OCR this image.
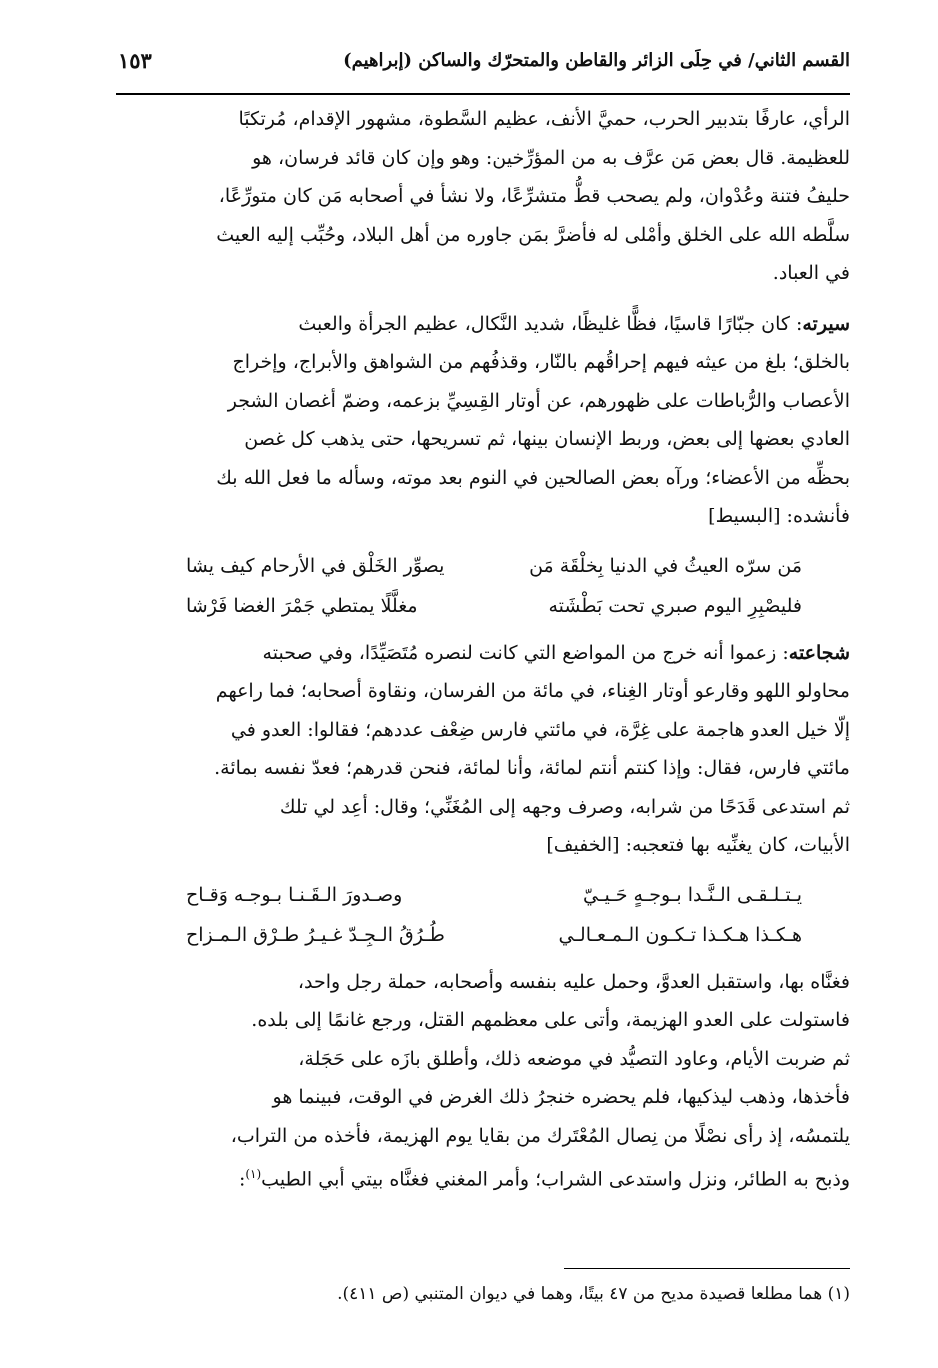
القسم الثاني/ في حِلَى الزائر والقاطن والمتحرّك والساكن (إبراهيم)
١٥٣
الرأي، عارفًا بتدبير الحرب، حميَّ الأنف، عظيم السَّطوة، مشهور الإقدام، مُرتكبًا
للعظيمة. قال بعض مَن عرَّف به من المؤرِّخين: وهو وإن كان قائد فرسان، هو
حليفُ فتنة وعُدْوان، ولم يصحب قطُّ متشرِّعًا، ولا نشأ في أصحابه مَن كان متورِّعًا،
سلَّطه الله على الخلق وأمْلى له فأضرَّ بمَن جاوره من أهل البلاد، وحُبِّب إليه العيث
في العباد.
سيرته: كان جبّارًا قاسيًا، فظًّا غليظًا، شديد النَّكال، عظيم الجرأة والعبث
بالخلق؛ بلغ من عيثه فيهم إحراقُهم بالنّار، وقذفُهم من الشواهق والأبراج، وإخراج
الأعصاب والرُّباطات على ظهورهم، عن أوتار القِسِيِّ بزعمه، وضمّ أغصان الشجر
العادي بعضها إلى بعض، وربط الإنسان بينها، ثم تسريحها، حتى يذهب كل غصن
بحظِّه من الأعضاء؛ ورآه بعض الصالحين في النوم بعد موته، وسأله ما فعل الله بك
فأنشده: [البسيط]
مَن سرّه العيثُ في الدنيا بِخلْقَة مَن
يصوِّر الخَلْق في الأرحام كيف يشا
فليصْبِرِ اليوم صبري تحت بَطْشَته
مغلَّلًا يمتطي جَمْرَ الغضا فَرْشا
شجاعته: زعموا أنه خرج من المواضع التي كانت لنصره مُتَصَيِّدًا، وفي صحبته
محاولو اللهو وقارعو أوتار الغِناء، في مائة من الفرسان، ونقاوة أصحابه؛ فما راعهم
إلّا خيل العدو هاجمة على غِرَّة، في مائتي فارس ضِعْف عددهم؛ فقالوا: العدو في
مائتي فارس، فقال: وإذا كنتم أنتم لمائة، وأنا لمائة، فنحن قدرهم؛ فعدّ نفسه بمائة.
ثم استدعى قَدَحًا من شرابه، وصرف وجهه إلى المُغَنِّي؛ وقال: أعِد لي تلك
الأبيات، كان يغنِّيه بها فتعجبه: [الخفيف]
يـتـلـقـى الـنَّـدا بـوجـهٍ حَـيـيّ
وصـدورَ الـقَـنـا بـوجـه وَقـاح
هـكـذا هـكـذا تـكـون الـمـعـالـي
طُـرُقُ الـجِـدّ غـيـرُ طـرْق الـمـزاح
فغنَّاه بها، واستقبل العدوَّ، وحمل عليه بنفسه وأصحابه، حملة رجل واحد،
فاستولت على العدو الهزيمة، وأتى على معظمهم القتل، ورجع غانمًا إلى بلده.
ثم ضربت الأيام، وعاود التصيُّد في موضعه ذلك، وأطلق بازَه على حَجَلة،
فأخذها، وذهب ليذكيها، فلم يحضره خنجرُ ذلك الغرض في الوقت، فبينما هو
يلتمسُه، إذ رأى نصْلًا من نِصال المُعْتَرك من بقايا يوم الهزيمة، فأخذه من التراب،
وذبح به الطائر، ونزل واستدعى الشراب؛ وأمر المغني فغنَّاه بيتي أبي الطيب$^{(١)}$:
(١) هما مطلعا قصيدة مديح من ٤٧ بيتًا، وهما في ديوان المتنبي (ص ٤١١).
